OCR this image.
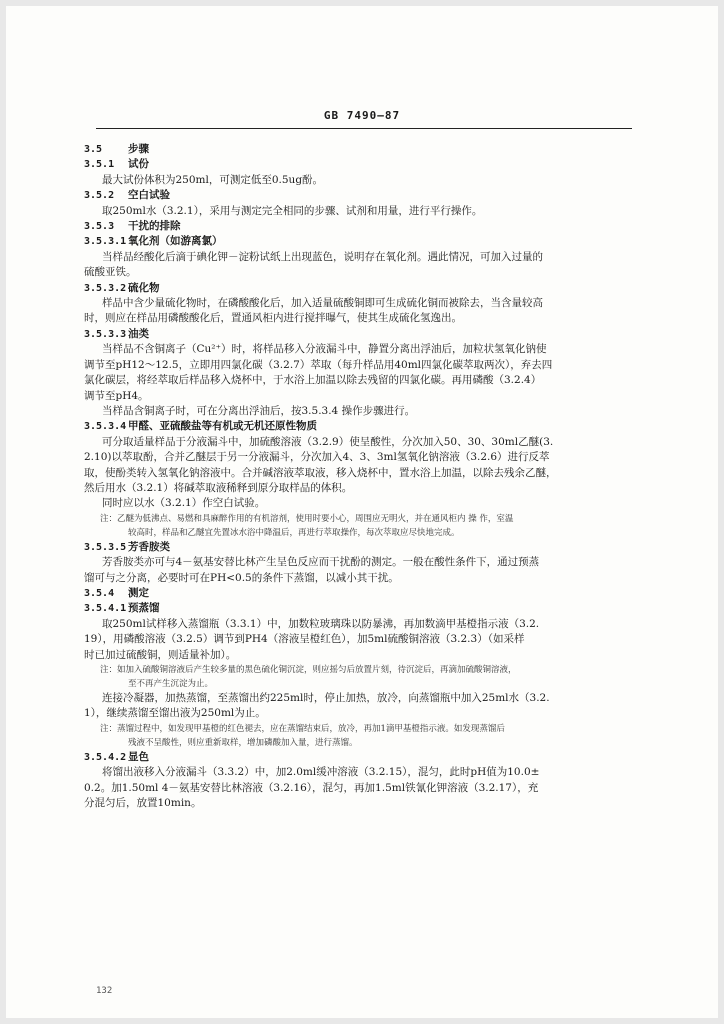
GB 7490—87
3.5 步骤
3.5.1 试份
最大试份体积为250ml，可测定低至0.5ug酚。
3.5.2 空白试验
取250ml水（3.2.1），采用与测定完全相同的步骤、试剂和用量，进行平行操作。
3.5.3 干扰的排除
3.5.3.1 氧化剂（如游离氯）
当样品经酸化后滴于碘化钾－淀粉试纸上出现蓝色，说明存在氧化剂。遇此情况，可加入过量的
硫酸亚铁。
3.5.3.2 硫化物
样品中含少量硫化物时，在磷酸酸化后，加入适量硫酸铜即可生成硫化铜而被除去，当含量较高
时，则应在样品用磷酸酸化后，置通风柜内进行搅拌曝气，使其生成硫化氢逸出。
3.5.3.3 油类
当样品不含铜离子（Cu²⁺）时，将样品移入分液漏斗中，静置分离出浮油后，加粒状氢氧化钠使
调节至pH12～12.5，立即用四氯化碳（3.2.7）萃取（每升样品用40ml四氯化碳萃取两次），弃去四
氯化碳层，将经萃取后样品移入烧杯中，于水浴上加温以除去残留的四氯化碳。再用磷酸（3.2.4）
调节至pH4。
当样品含铜离子时，可在分离出浮油后，按3.5.3.4 操作步骤进行。
3.5.3.4 甲醛、亚硫酸盐等有机或无机还原性物质
可分取适量样品于分液漏斗中，加硫酸溶液（3.2.9）使呈酸性，分次加入50、30、30ml乙醚(3.
2.10)以萃取酚，合并乙醚层于另一分液漏斗，分次加入4、3、3ml氢氧化钠溶液（3.2.6）进行反萃
取，使酚类转入氢氧化钠溶液中。合并碱溶液萃取液，移入烧杯中，置水浴上加温，以除去残余乙醚，
然后用水（3.2.1）将碱萃取液稀释到原分取样品的体积。
同时应以水（3.2.1）作空白试验。
注：乙醚为低沸点、易燃和具麻醉作用的有机溶剂，使用时要小心，周围应无明火，并在通风柜内 操 作，室温
较高时，样品和乙醚宜先置冰水浴中降温后，再进行萃取操作，每次萃取应尽快地完成。
3.5.3.5 芳香胺类
芳香胺类亦可与4－氨基安替比林产生呈色反应而干扰酚的测定。一般在酸性条件下，通过预蒸
馏可与之分离，必要时可在PH<0.5的条件下蒸馏，以减小其干扰。
3.5.4 测定
3.5.4.1 预蒸馏
取250ml试样移入蒸馏瓶（3.3.1）中，加数粒玻璃珠以防暴沸，再加数滴甲基橙指示液（3.2.
19），用磷酸溶液（3.2.5）调节到PH4（溶液呈橙红色），加5ml硫酸铜溶液（3.2.3）（如采样
时已加过硫酸铜，则适量补加）。
注：如加入硫酸铜溶液后产生较多量的黑色硫化铜沉淀，则应摇匀后放置片刻，待沉淀后，再滴加硫酸铜溶液，
至不再产生沉淀为止。
连接冷凝器，加热蒸馏，至蒸馏出约225ml时，停止加热，放冷，向蒸馏瓶中加入25ml水（3.2.
1），继续蒸馏至馏出液为250ml为止。
注：蒸馏过程中，如发现甲基橙的红色褪去，应在蒸馏结束后，放冷，再加1滴甲基橙指示液。如发现蒸馏后
残液不呈酸性，则应重新取样，增加磷酸加入量，进行蒸馏。
3.5.4.2 显色
将馏出液移入分液漏斗（3.3.2）中，加2.0ml缓冲溶液（3.2.15），混匀，此时pH值为10.0±
0.2。加1.50ml 4－氨基安替比林溶液（3.2.16），混匀，再加1.5ml铁氰化钾溶液（3.2.17），充
分混匀后，放置10min。
132
